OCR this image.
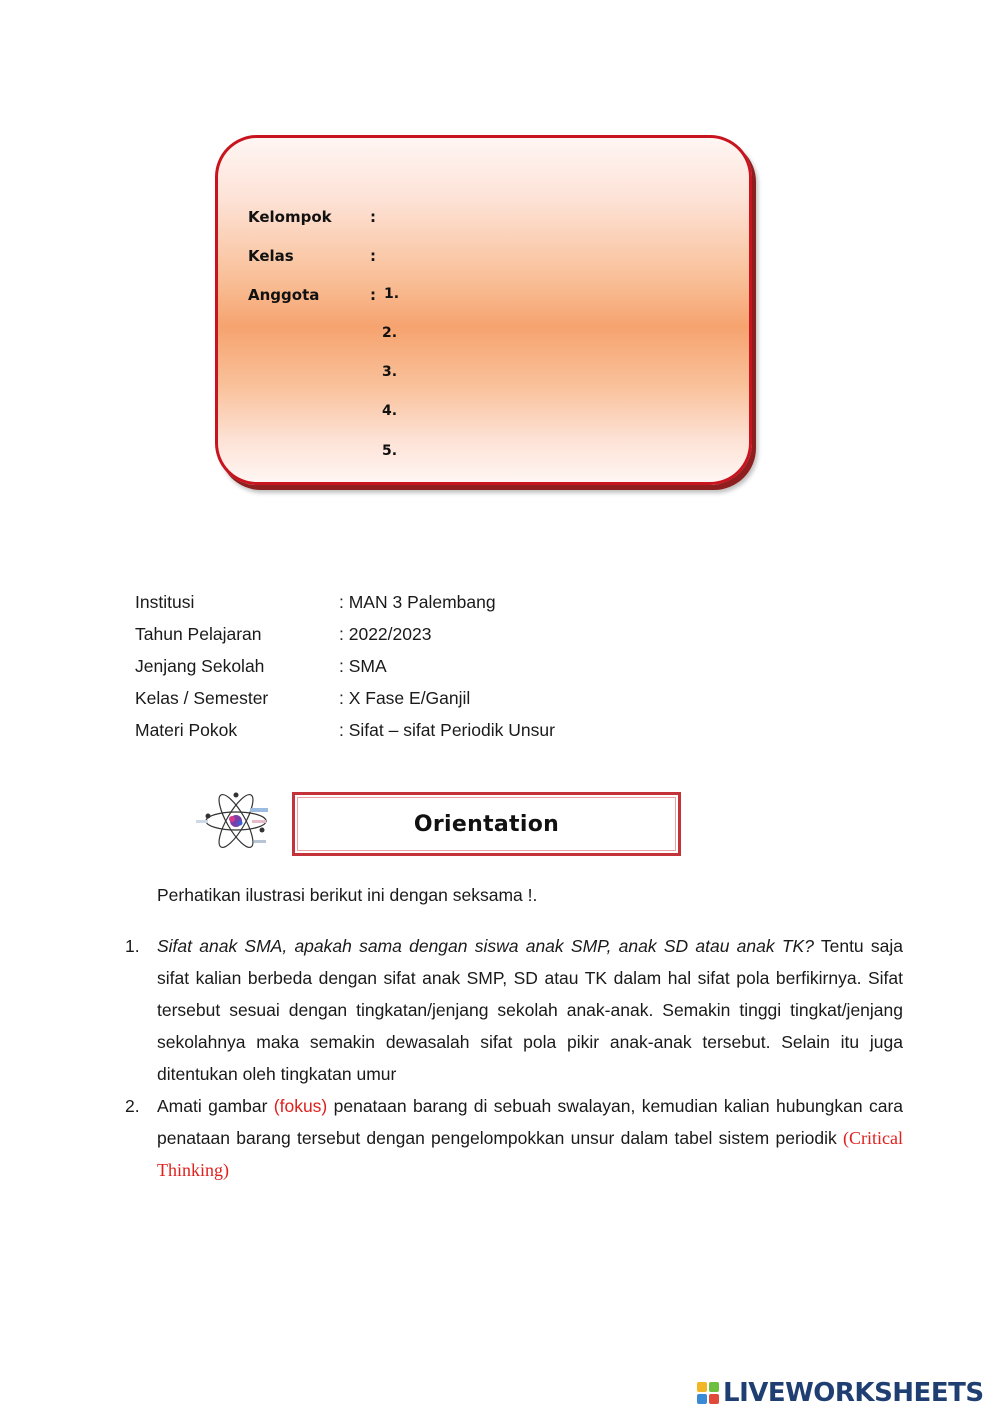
Kelompok	:
Kelas	:
Anggota	: 1.
2.
3.
4.
5.
Institusi	: MAN 3 Palembang
Tahun Pelajaran	: 2022/2023
Jenjang Sekolah	: SMA
Kelas / Semester	: X Fase E/Ganjil
Materi Pokok	: Sifat – sifat Periodik Unsur
Orientation
Perhatikan ilustrasi berikut ini dengan seksama !.
1. Sifat anak SMA, apakah sama dengan siswa anak SMP, anak SD atau anak TK? Tentu saja sifat kalian berbeda dengan sifat anak SMP, SD atau TK dalam hal sifat pola berfikirnya. Sifat tersebut sesuai dengan tingkatan/jenjang sekolah anak-anak. Semakin tinggi tingkat/jenjang sekolahnya maka semakin dewasalah sifat pola pikir anak-anak tersebut. Selain itu juga ditentukan oleh tingkatan umur
2. Amati gambar (fokus) penataan barang di sebuah swalayan, kemudian kalian hubungkan cara penataan barang tersebut dengan pengelompokkan unsur dalam tabel sistem periodik (Critical Thinking)
LIVEWORKSHEETS
